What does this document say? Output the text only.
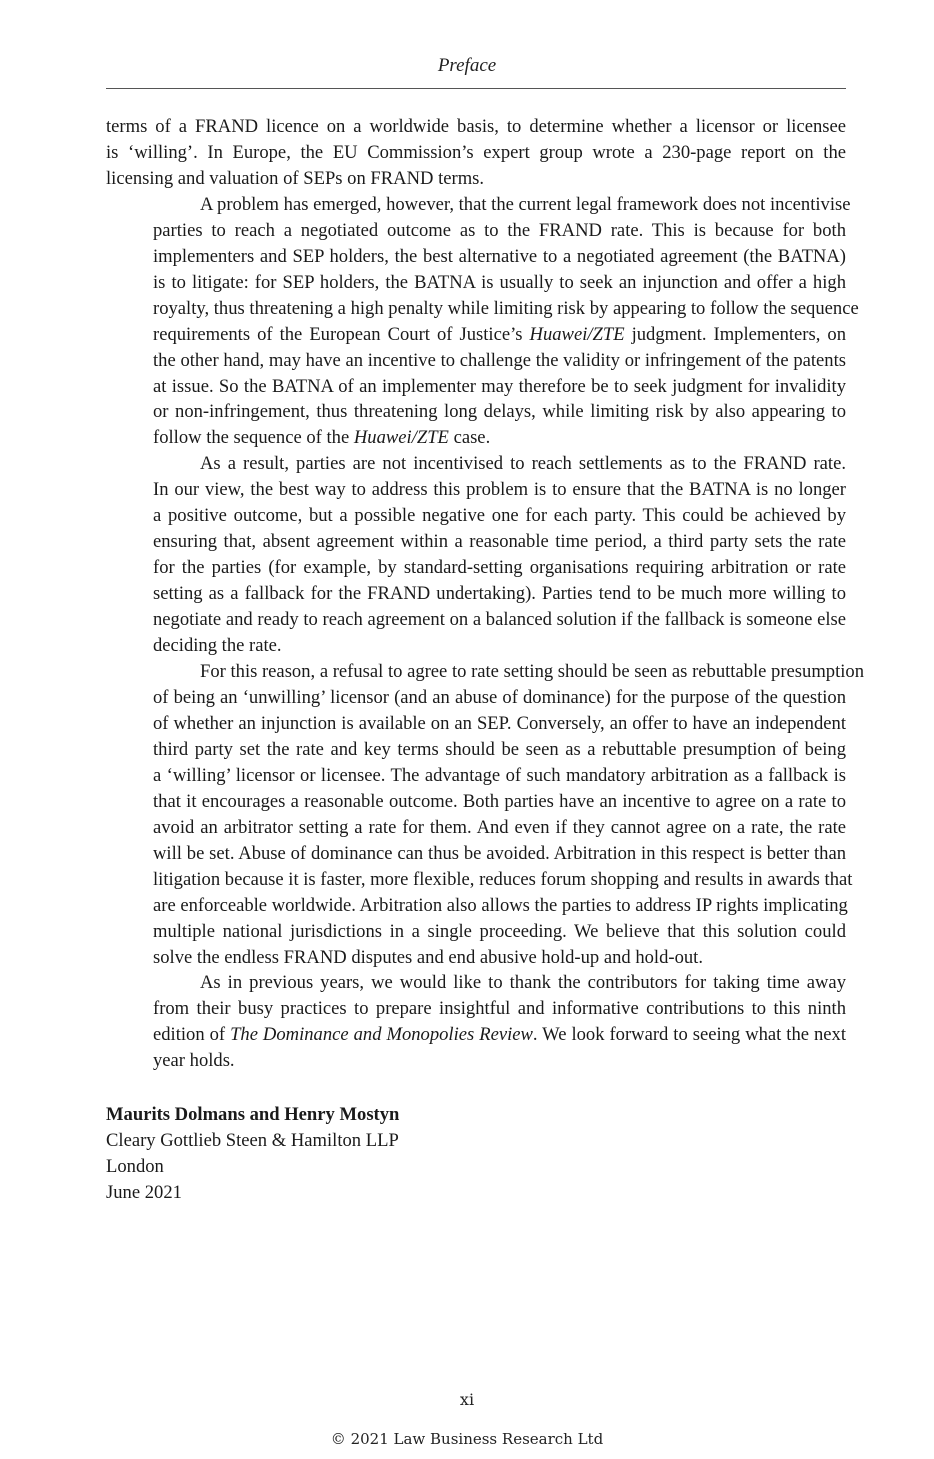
Preface
terms of a FRAND licence on a worldwide basis, to determine whether a licensor or licensee
is ‘willing’. In Europe, the EU Commission’s expert group wrote a 230-page report on the
licensing and valuation of SEPs on FRAND terms.
A problem has emerged, however, that the current legal framework does not incentivise
parties to reach a negotiated outcome as to the FRAND rate. This is because for both
implementers and SEP holders, the best alternative to a negotiated agreement (the BATNA)
is to litigate: for SEP holders, the BATNA is usually to seek an injunction and offer a high
royalty, thus threatening a high penalty while limiting risk by appearing to follow the sequence
requirements of the European Court of Justice’s Huawei/ZTE judgment. Implementers, on
the other hand, may have an incentive to challenge the validity or infringement of the patents
at issue. So the BATNA of an implementer may therefore be to seek judgment for invalidity
or non-infringement, thus threatening long delays, while limiting risk by also appearing to
follow the sequence of the Huawei/ZTE case.
As a result, parties are not incentivised to reach settlements as to the FRAND rate.
In our view, the best way to address this problem is to ensure that the BATNA is no longer
a positive outcome, but a possible negative one for each party. This could be achieved by
ensuring that, absent agreement within a reasonable time period, a third party sets the rate
for the parties (for example, by standard-setting organisations requiring arbitration or rate
setting as a fallback for the FRAND undertaking). Parties tend to be much more willing to
negotiate and ready to reach agreement on a balanced solution if the fallback is someone else
deciding the rate.
For this reason, a refusal to agree to rate setting should be seen as rebuttable presumption
of being an ‘unwilling’ licensor (and an abuse of dominance) for the purpose of the question
of whether an injunction is available on an SEP. Conversely, an offer to have an independent
third party set the rate and key terms should be seen as a rebuttable presumption of being
a ‘willing’ licensor or licensee. The advantage of such mandatory arbitration as a fallback is
that it encourages a reasonable outcome. Both parties have an incentive to agree on a rate to
avoid an arbitrator setting a rate for them. And even if they cannot agree on a rate, the rate
will be set. Abuse of dominance can thus be avoided. Arbitration in this respect is better than
litigation because it is faster, more flexible, reduces forum shopping and results in awards that
are enforceable worldwide. Arbitration also allows the parties to address IP rights implicating
multiple national jurisdictions in a single proceeding. We believe that this solution could
solve the endless FRAND disputes and end abusive hold-up and hold-out.
As in previous years, we would like to thank the contributors for taking time away
from their busy practices to prepare insightful and informative contributions to this ninth
edition of The Dominance and Monopolies Review. We look forward to seeing what the next
year holds.
Maurits Dolmans and Henry Mostyn
Cleary Gottlieb Steen & Hamilton LLP
London
June 2021
xi
© 2021 Law Business Research Ltd
